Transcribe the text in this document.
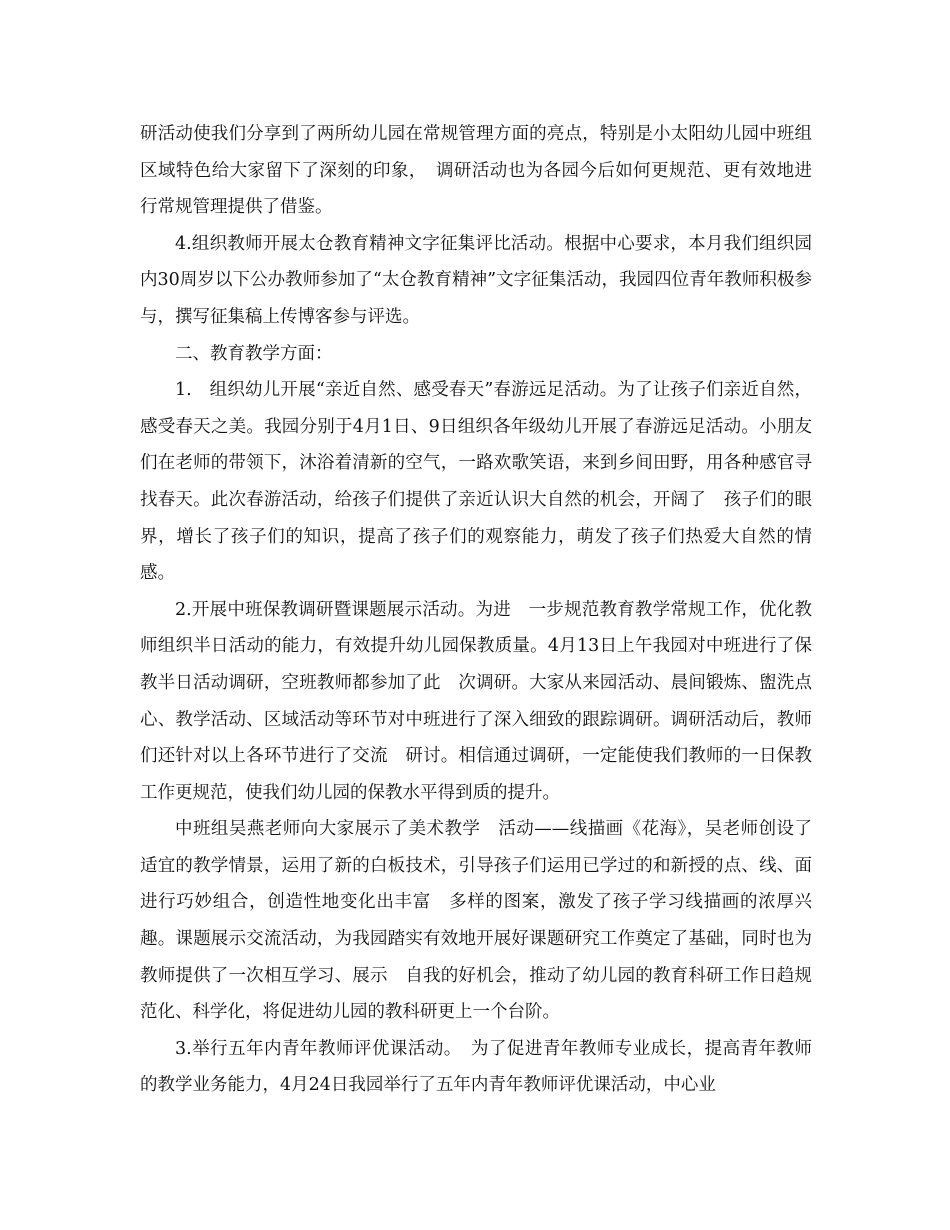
研活动使我们分享到了两所幼儿园在常规管理方面的亮点，特别是小太阳幼儿园中班组区域特色给大家留下了深刻的印象，　调研活动也为各园今后如何更规范、更有效地进行常规管理提供了借鉴。

4.组织教师开展太仓教育精神文字征集评比活动。根据中心要求，本月我们组织园内30周岁以下公办教师参加了“太仓教育精神”文字征集活动，我园四位青年教师积极参与，撰写征集稿上传博客参与评选。

二、教育教学方面：

1.　组织幼儿开展“亲近自然、感受春天”春游远足活动。为了让孩子们亲近自然，感受春天之美。我园分别于4月1日、9日组织各年级幼儿开展了春游远足活动。小朋友们在老师的带领下，沐浴着清新的空气，一路欢歌笑语，来到乡间田野，用各种感官寻找春天。此次春游活动，给孩子们提供了亲近认识大自然的机会，开阔了　孩子们的眼界，增长了孩子们的知识，提高了孩子们的观察能力，萌发了孩子们热爱大自然的情感。

2.开展中班保教调研暨课题展示活动。为进　一步规范教育教学常规工作，优化教师组织半日活动的能力，有效提升幼儿园保教质量。4月13日上午我园对中班进行了保教半日活动调研，空班教师都参加了此　次调研。大家从来园活动、晨间锻炼、盥洗点心、教学活动、区域活动等环节对中班进行了深入细致的跟踪调研。调研活动后，教师们还针对以上各环节进行了交流　研讨。相信通过调研，一定能使我们教师的一日保教工作更规范，使我们幼儿园的保教水平得到质的提升。

中班组吴燕老师向大家展示了美术教学　活动——线描画《花海》，吴老师创设了适宜的教学情景，运用了新的白板技术，引导孩子们运用已学过的和新授的点、线、面进行巧妙组合，创造性地变化出丰富　多样的图案，激发了孩子学习线描画的浓厚兴趣。课题展示交流活动，为我园踏实有效地开展好课题研究工作奠定了基础，同时也为教师提供了一次相互学习、展示　自我的好机会，推动了幼儿园的教育科研工作日趋规范化、科学化，将促进幼儿园的教科研更上一个台阶。

3.举行五年内青年教师评优课活动。　为了促进青年教师专业成长，提高青年教师的教学业务能力，4月24日我园举行了五年内青年教师评优课活动，中心业
